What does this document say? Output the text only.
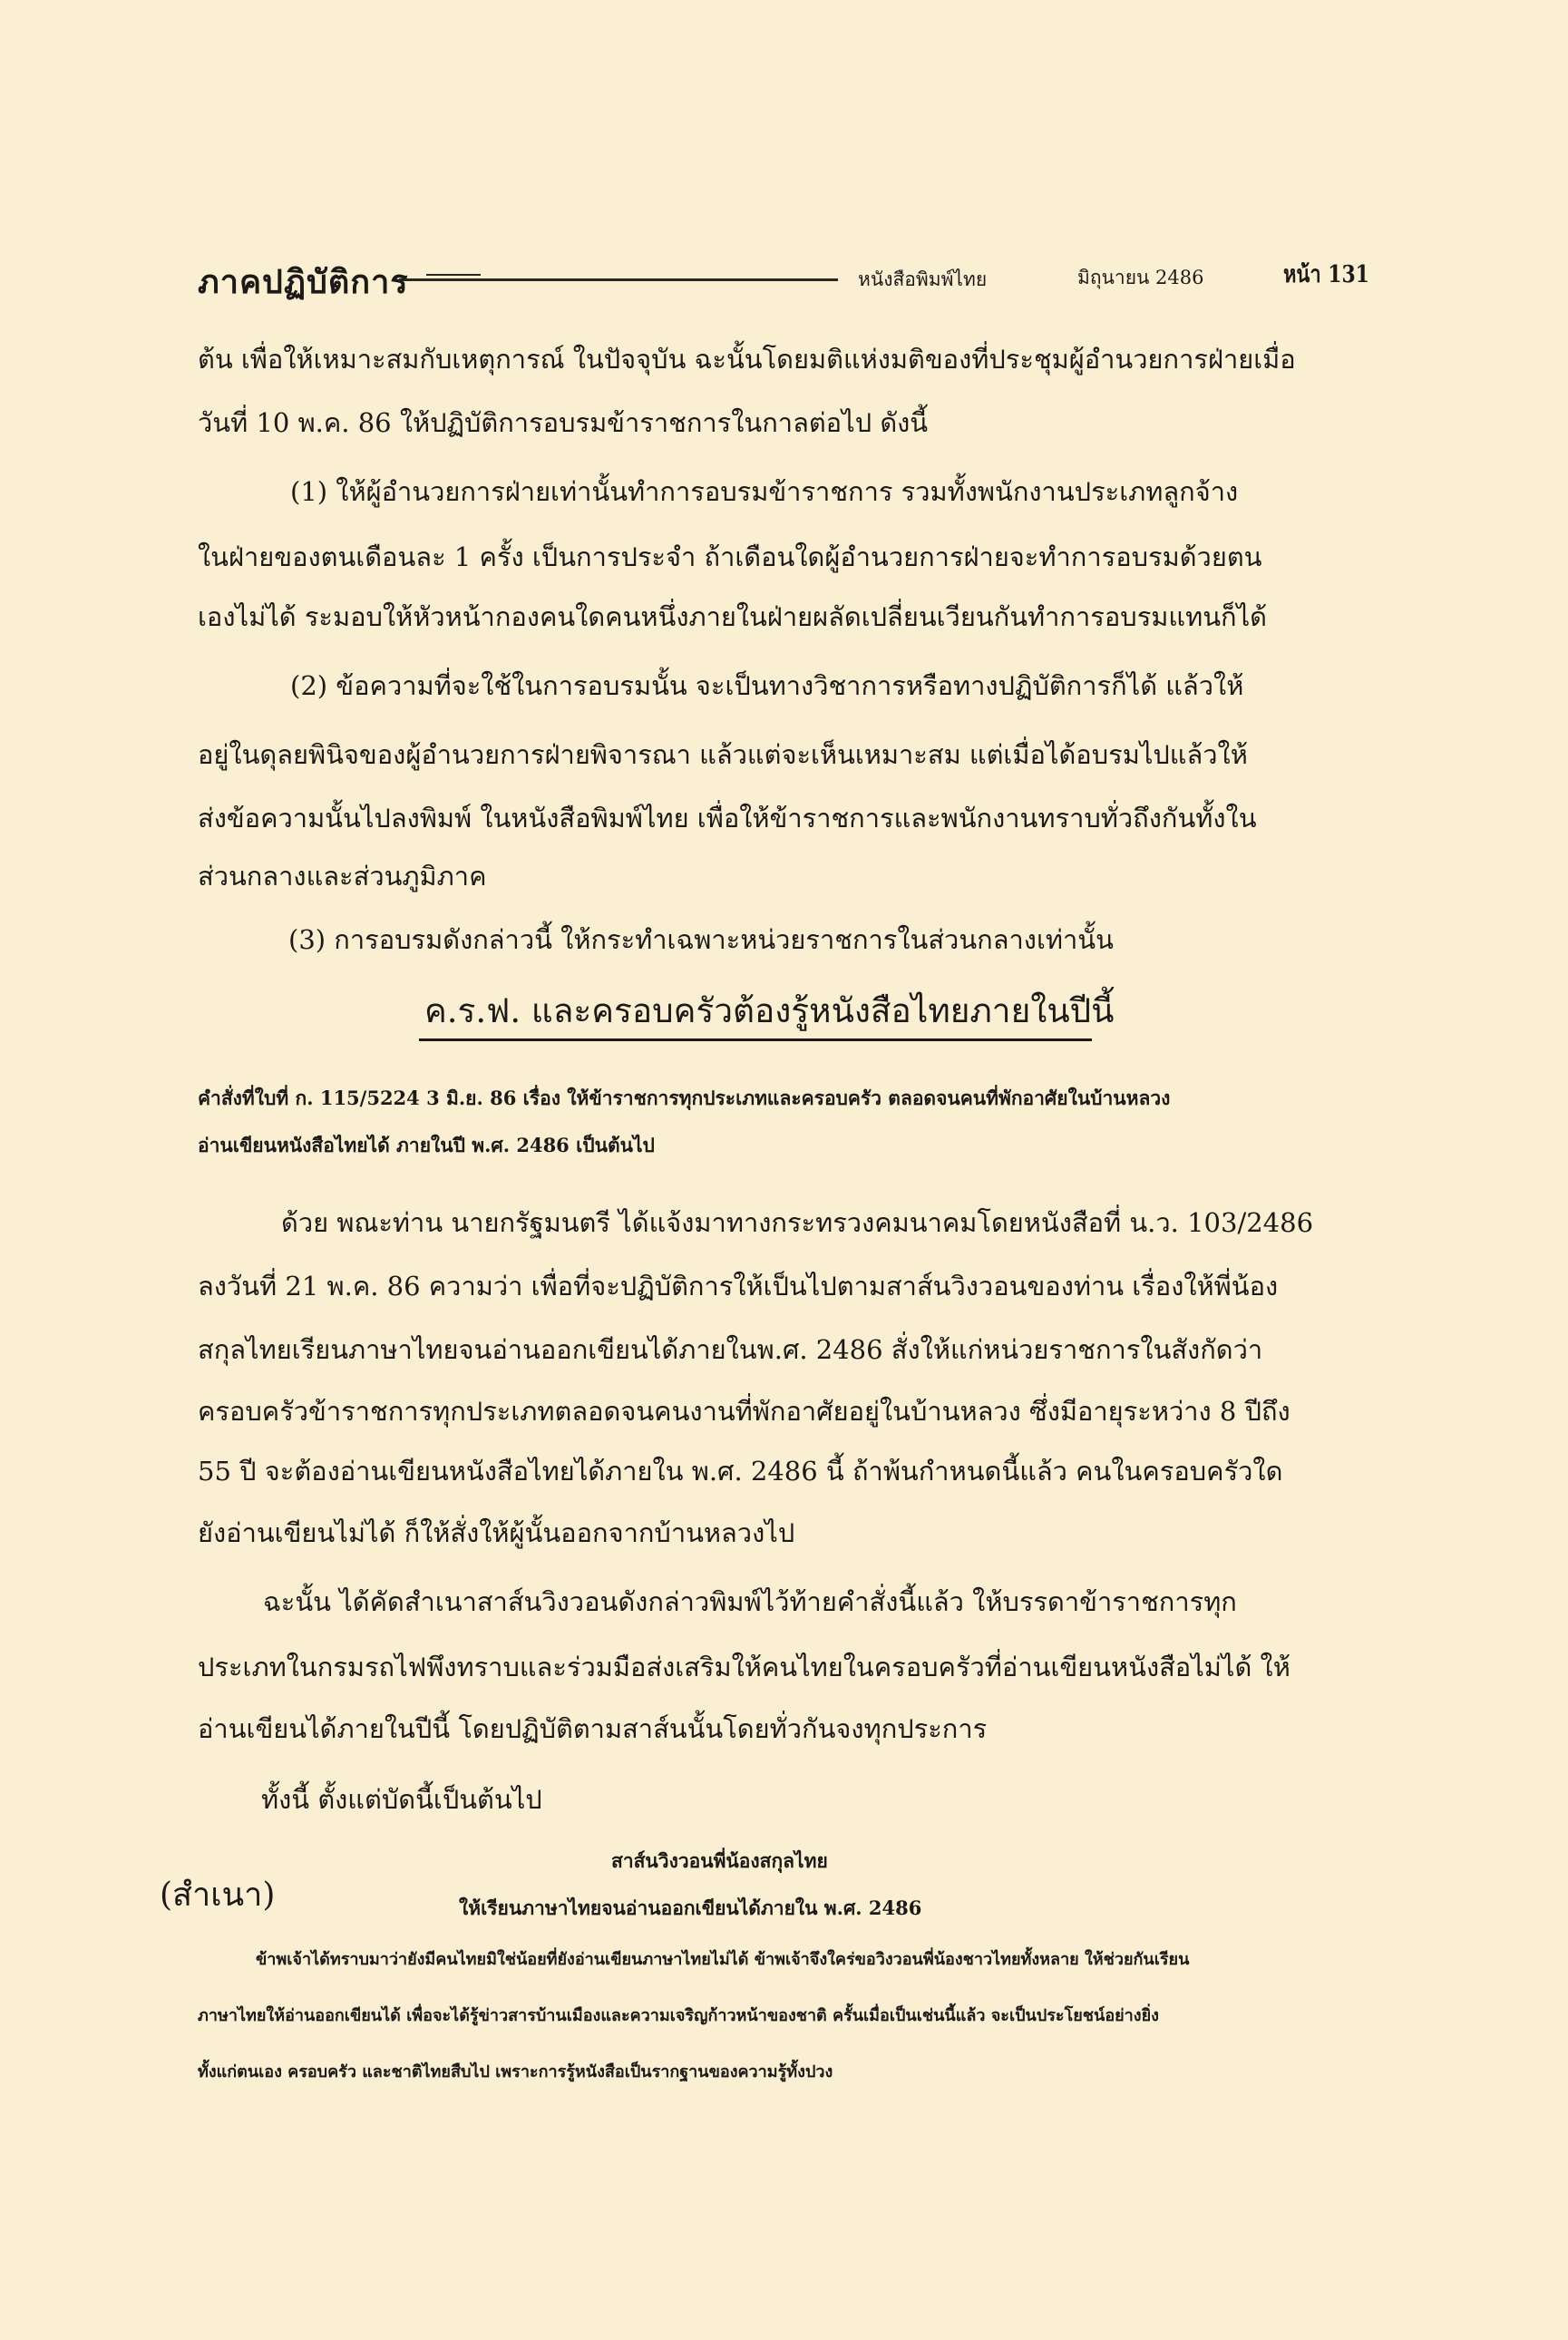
ภาคปฏิบัติการ	หนังสือพิมพ์ไทย	มิถุนายน 2486	หน้า 131
ต้น เพื่อให้เหมาะสมกับเหตุการณ์ ในปัจจุบัน ฉะนั้นโดยมติแห่งมติของที่ประชุมผู้อำนวยการฝ่ายเมื่อ
วันที่ 10 พ.ค. 86 ให้ปฏิบัติการอบรมข้าราชการในกาลต่อไป ดังนี้
(1) ให้ผู้อำนวยการฝ่ายเท่านั้นทำการอบรมข้าราชการ รวมทั้งพนักงานประเภทลูกจ้าง
ในฝ่ายของตนเดือนละ 1 ครั้ง เป็นการประจำ ถ้าเดือนใดผู้อำนวยการฝ่ายจะทำการอบรมด้วยตน
เองไม่ได้ ระมอบให้หัวหน้ากองคนใดคนหนึ่งภายในฝ่ายผลัดเปลี่ยนเวียนกันทำการอบรมแทนก็ได้
(2) ข้อความที่จะใช้ในการอบรมนั้น จะเป็นทางวิชาการหรือทางปฏิบัติการก็ได้ แล้วให้
อยู่ในดุลยพินิจของผู้อำนวยการฝ่ายพิจารณา แล้วแต่จะเห็นเหมาะสม แต่เมื่อได้อบรมไปแล้วให้
ส่งข้อความนั้นไปลงพิมพ์ ในหนังสือพิมพ์ไทย เพื่อให้ข้าราชการและพนักงานทราบทั่วถึงกันทั้งใน
ส่วนกลางและส่วนภูมิภาค
(3) การอบรมดังกล่าวนี้ ให้กระทำเฉพาะหน่วยราชการในส่วนกลางเท่านั้น
ค.ร.ฟ. และครอบครัวต้องรู้หนังสือไทยภายในปีนี้
คำสั่งที่ใบที่ ก. 115/5224 3 มิ.ย. 86 เรื่อง ให้ข้าราชการทุกประเภทและครอบครัว ตลอดจนคนที่พักอาศัยในบ้านหลวง
อ่านเขียนหนังสือไทยได้ ภายในปี พ.ศ. 2486 เป็นต้นไป
ด้วย พณะท่าน นายกรัฐมนตรี ได้แจ้งมาทางกระทรวงคมนาคมโดยหนังสือที่ น.ว. 103/2486
ลงวันที่ 21 พ.ค. 86 ความว่า เพื่อที่จะปฏิบัติการให้เป็นไปตามสาส์นวิงวอนของท่าน เรื่องให้พี่น้อง
สกุลไทยเรียนภาษาไทยจนอ่านออกเขียนได้ภายในพ.ศ. 2486 สั่งให้แก่หน่วยราชการในสังกัดว่า
ครอบครัวข้าราชการทุกประเภทตลอดจนคนงานที่พักอาศัยอยู่ในบ้านหลวง ซึ่งมีอายุระหว่าง 8 ปีถึง
55 ปี จะต้องอ่านเขียนหนังสือไทยได้ภายใน พ.ศ. 2486 นี้ ถ้าพ้นกำหนดนี้แล้ว คนในครอบครัวใด
ยังอ่านเขียนไม่ได้ ก็ให้สั่งให้ผู้นั้นออกจากบ้านหลวงไป
ฉะนั้น ได้คัดสำเนาสาส์นวิงวอนดังกล่าวพิมพ์ไว้ท้ายคำสั่งนี้แล้ว ให้บรรดาข้าราชการทุก
ประเภทในกรมรถไฟพึงทราบและร่วมมือส่งเสริมให้คนไทยในครอบครัวที่อ่านเขียนหนังสือไม่ได้ ให้
อ่านเขียนได้ภายในปีนี้ โดยปฏิบัติตามสาส์นนั้นโดยทั่วกันจงทุกประการ
ทั้งนี้ ตั้งแต่บัดนี้เป็นต้นไป
(สำเนา)
สาส์นวิงวอนพี่น้องสกุลไทย
ให้เรียนภาษาไทยจนอ่านออกเขียนได้ภายใน พ.ศ. 2486
ข้าพเจ้าได้ทราบมาว่ายังมีคนไทยมิใช่น้อยที่ยังอ่านเขียนภาษาไทยไม่ได้ ข้าพเจ้าจึงใคร่ขอวิงวอนพี่น้องชาวไทยทั้งหลาย ให้ช่วยกันเรียน
ภาษาไทยให้อ่านออกเขียนได้ เพื่อจะได้รู้ข่าวสารบ้านเมืองและความเจริญก้าวหน้าของชาติ ครั้นเมื่อเป็นเช่นนี้แล้ว จะเป็นประโยชน์อย่างยิ่ง
ทั้งแก่ตนเอง ครอบครัว และชาติไทยสืบไป เพราะการรู้หนังสือเป็นรากฐานของความรู้ทั้งปวง
